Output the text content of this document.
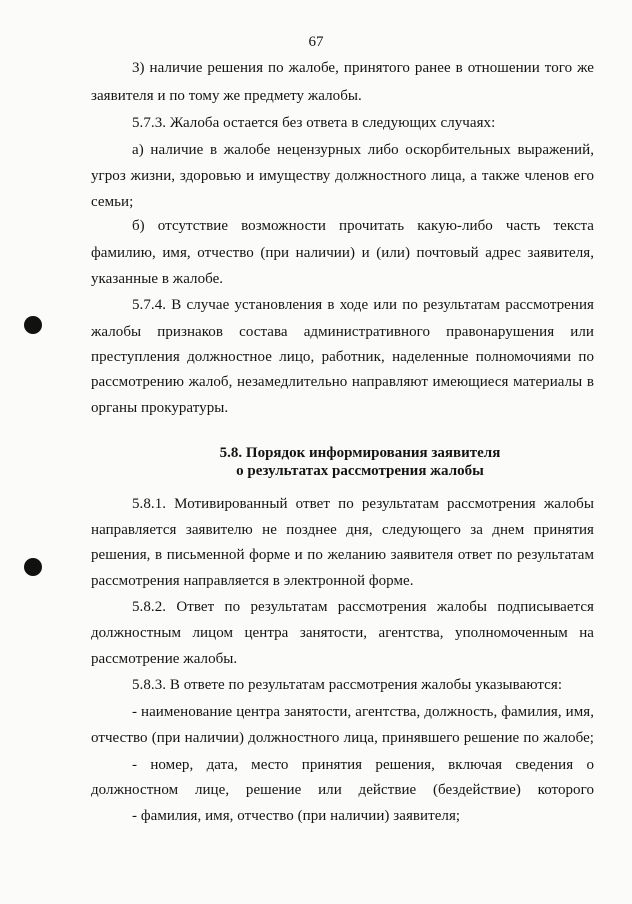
67
3) наличие решения по жалобе, принятого ранее в отношении того же
заявителя и по тому же предмету жалобы.
5.7.3. Жалоба остается без ответа в следующих случаях:
а) наличие в жалобе нецензурных либо оскорбительных выражений,
угроз жизни, здоровью и имуществу должностного лица, а также членов его
семьи;
б) отсутствие возможности прочитать какую-либо часть текста
фамилию, имя, отчество (при наличии) и (или) почтовый адрес заявителя,
указанные в жалобе.
5.7.4. В случае установления в ходе или по результатам рассмотрения
жалобы признаков состава административного правонарушения или
преступления должностное лицо, работник, наделенные полномочиями по
рассмотрению жалоб, незамедлительно направляют имеющиеся материалы в
органы прокуратуры.
5.8. Порядок информирования заявителя
о результатах рассмотрения жалобы
5.8.1. Мотивированный ответ по результатам рассмотрения жалобы
направляется заявителю не позднее дня, следующего за днем принятия
решения, в письменной форме и по желанию заявителя ответ по результатам
рассмотрения направляется в электронной форме.
5.8.2. Ответ по результатам рассмотрения жалобы подписывается
должностным лицом центра занятости, агентства, уполномоченным на
рассмотрение жалобы.
5.8.3. В ответе по результатам рассмотрения жалобы указываются:
- наименование центра занятости, агентства, должность, фамилия, имя,
отчество (при наличии) должностного лица, принявшего решение по жалобе;
- номер, дата, место принятия решения, включая сведения о
должностном лице, решение или действие (бездействие) которого
- фамилия, имя, отчество (при наличии) заявителя;
